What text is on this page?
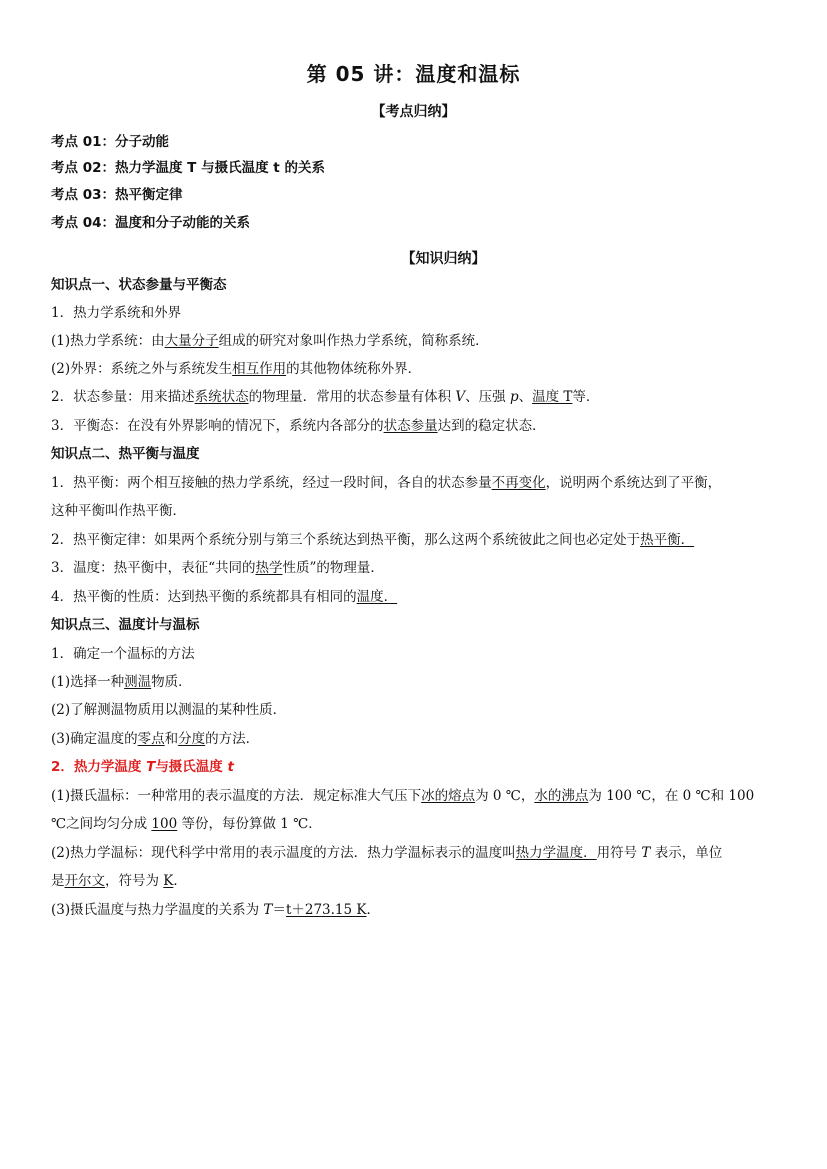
第 05 讲：温度和温标
【考点归纳】
考点 01：分子动能
考点 02：热力学温度 T 与摄氏温度 t 的关系
考点 03：热平衡定律
考点 04：温度和分子动能的关系
【知识归纳】
知识点一、状态参量与平衡态
1．热力学系统和外界
(1)热力学系统：由大量分子组成的研究对象叫作热力学系统，简称系统．
(2)外界：系统之外与系统发生相互作用的其他物体统称外界．
2．状态参量：用来描述系统状态的物理量．常用的状态参量有体积 V、压强 p、温度 T等．
3．平衡态：在没有外界影响的情况下，系统内各部分的状态参量达到的稳定状态．
知识点二、热平衡与温度
1．热平衡：两个相互接触的热力学系统，经过一段时间，各自的状态参量不再变化，说明两个系统达到了平衡，
这种平衡叫作热平衡．
2．热平衡定律：如果两个系统分别与第三个系统达到热平衡，那么这两个系统彼此之间也必定处于热平衡．
3．温度：热平衡中，表征“共同的热学性质”的物理量．
4．热平衡的性质：达到热平衡的系统都具有相同的温度．
知识点三、温度计与温标
1．确定一个温标的方法
(1)选择一种测温物质．
(2)了解测温物质用以测温的某种性质．
(3)确定温度的零点和分度的方法．
2．热力学温度 T与摄氏温度 t
(1)摄氏温标：一种常用的表示温度的方法．规定标准大气压下冰的熔点为 0 ℃，水的沸点为 100 ℃，在 0 ℃和 100
℃之间均匀分成 100 等份，每份算做 1 ℃．
(2)热力学温标：现代科学中常用的表示温度的方法．热力学温标表示的温度叫热力学温度．用符号 T 表示，单位
是开尔文，符号为 K．
(3)摄氏温度与热力学温度的关系为 T＝t＋273.15 K．
